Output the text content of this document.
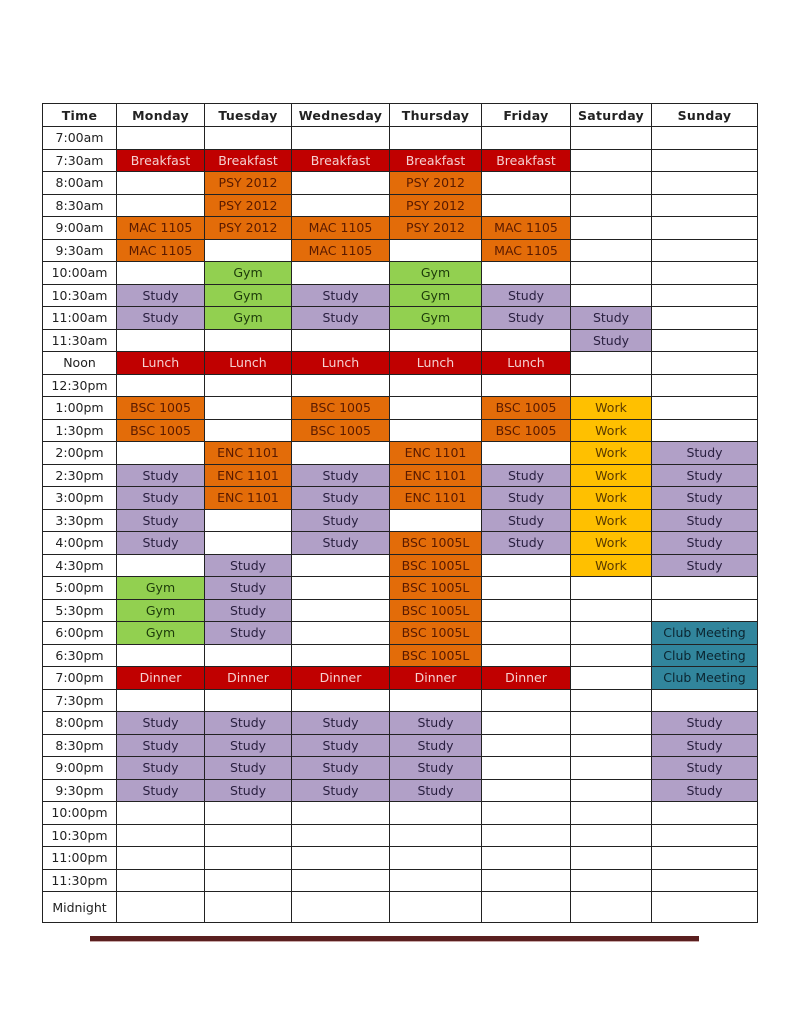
Time	Monday	Tuesday	Wednesday	Thursday	Friday	Saturday	Sunday
7:00am							
7:30am	Breakfast	Breakfast	Breakfast	Breakfast	Breakfast		
8:00am		PSY 2012		PSY 2012			
8:30am		PSY 2012		PSY 2012			
9:00am	MAC 1105	PSY 2012	MAC 1105	PSY 2012	MAC 1105		
9:30am	MAC 1105		MAC 1105		MAC 1105		
10:00am		Gym		Gym			
10:30am	Study	Gym	Study	Gym	Study		
11:00am	Study	Gym	Study	Gym	Study	Study	
11:30am						Study	
Noon	Lunch	Lunch	Lunch	Lunch	Lunch		
12:30pm							
1:00pm	BSC 1005		BSC 1005		BSC 1005	Work	
1:30pm	BSC 1005		BSC 1005		BSC 1005	Work	
2:00pm		ENC 1101		ENC 1101		Work	Study
2:30pm	Study	ENC 1101	Study	ENC 1101	Study	Work	Study
3:00pm	Study	ENC 1101	Study	ENC 1101	Study	Work	Study
3:30pm	Study		Study		Study	Work	Study
4:00pm	Study		Study	BSC 1005L	Study	Work	Study
4:30pm		Study		BSC 1005L		Work	Study
5:00pm	Gym	Study		BSC 1005L			
5:30pm	Gym	Study		BSC 1005L			
6:00pm	Gym	Study		BSC 1005L			Club Meeting
6:30pm				BSC 1005L			Club Meeting
7:00pm	Dinner	Dinner	Dinner	Dinner	Dinner		Club Meeting
7:30pm							
8:00pm	Study	Study	Study	Study			Study
8:30pm	Study	Study	Study	Study			Study
9:00pm	Study	Study	Study	Study			Study
9:30pm	Study	Study	Study	Study			Study
10:00pm							
10:30pm							
11:00pm							
11:30pm							
Midnight							
